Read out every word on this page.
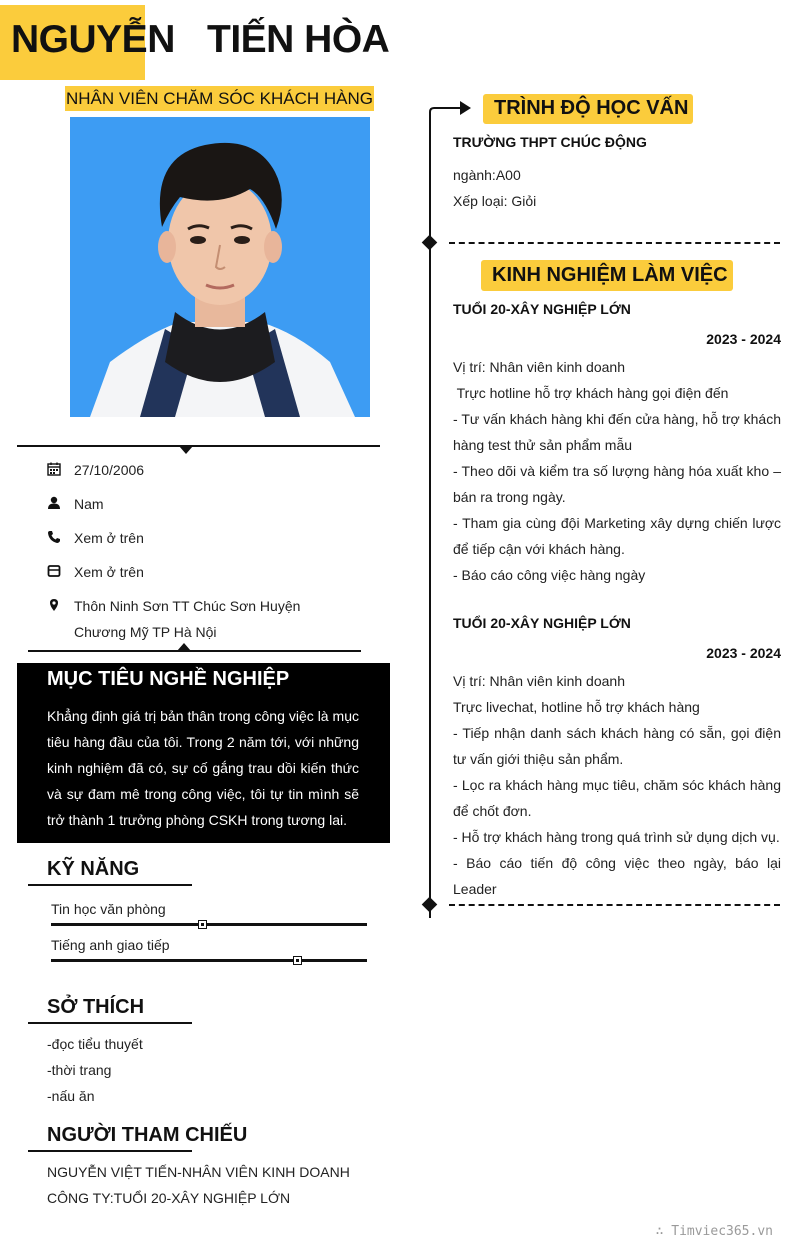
NGUYỄN TIẾN HÒA
NHÂN VIÊN CHĂM SÓC KHÁCH HÀNG
27/10/2006
Nam
Xem ở trên
Xem ở trên
Thôn Ninh Sơn TT Chúc Sơn Huyện
Chương Mỹ TP Hà Nội
MỤC TIÊU NGHỀ NGHIỆP
Khẳng định giá trị bản thân trong công việc là mục tiêu hàng đầu của tôi. Trong 2 năm tới, với những kinh nghiệm đã có, sự cố gắng trau dồi kiến thức và sự đam mê trong công việc, tôi tự tin mình sẽ trở thành 1 trưởng phòng CSKH trong tương lai.
KỸ NĂNG
Tin học văn phòng
Tiếng anh giao tiếp
SỞ THÍCH
-đọc tiểu thuyết
-thời trang
-nấu ăn
NGƯỜI THAM CHIẾU
NGUYỄN VIỆT TIẾN-NHÂN VIÊN KINH DOANH
CÔNG TY:TUỔI 20-XÂY NGHIỆP LỚN
TRÌNH ĐỘ HỌC VẤN
TRƯỜNG THPT CHÚC ĐỘNG
ngành:A00
Xếp loại: Giỏi
KINH NGHIỆM LÀM VIỆC
TUỔI 20-XÂY NGHIỆP LỚN
2023 - 2024
Vị trí: Nhân viên kinh doanh
Trực hotline hỗ trợ khách hàng gọi điện đến
- Tư vấn khách hàng khi đến cửa hàng, hỗ trợ khách hàng test thử sản phẩm mẫu
- Theo dõi và kiểm tra số lượng hàng hóa xuất kho – bán ra trong ngày.
- Tham gia cùng đội Marketing xây dựng chiến lược để tiếp cận với khách hàng.
- Báo cáo công việc hàng ngày
TUỔI 20-XÂY NGHIỆP LỚN
2023 - 2024
Vị trí: Nhân viên kinh doanh
Trực livechat, hotline hỗ trợ khách hàng
- Tiếp nhận danh sách khách hàng có sẵn, gọi điện tư vấn giới thiệu sản phẩm.
- Lọc ra khách hàng mục tiêu, chăm sóc khách hàng để chốt đơn.
- Hỗ trợ khách hàng trong quá trình sử dụng dịch vụ.
- Báo cáo tiến độ công việc theo ngày, báo lại Leader
∴ Timviec365.vn
